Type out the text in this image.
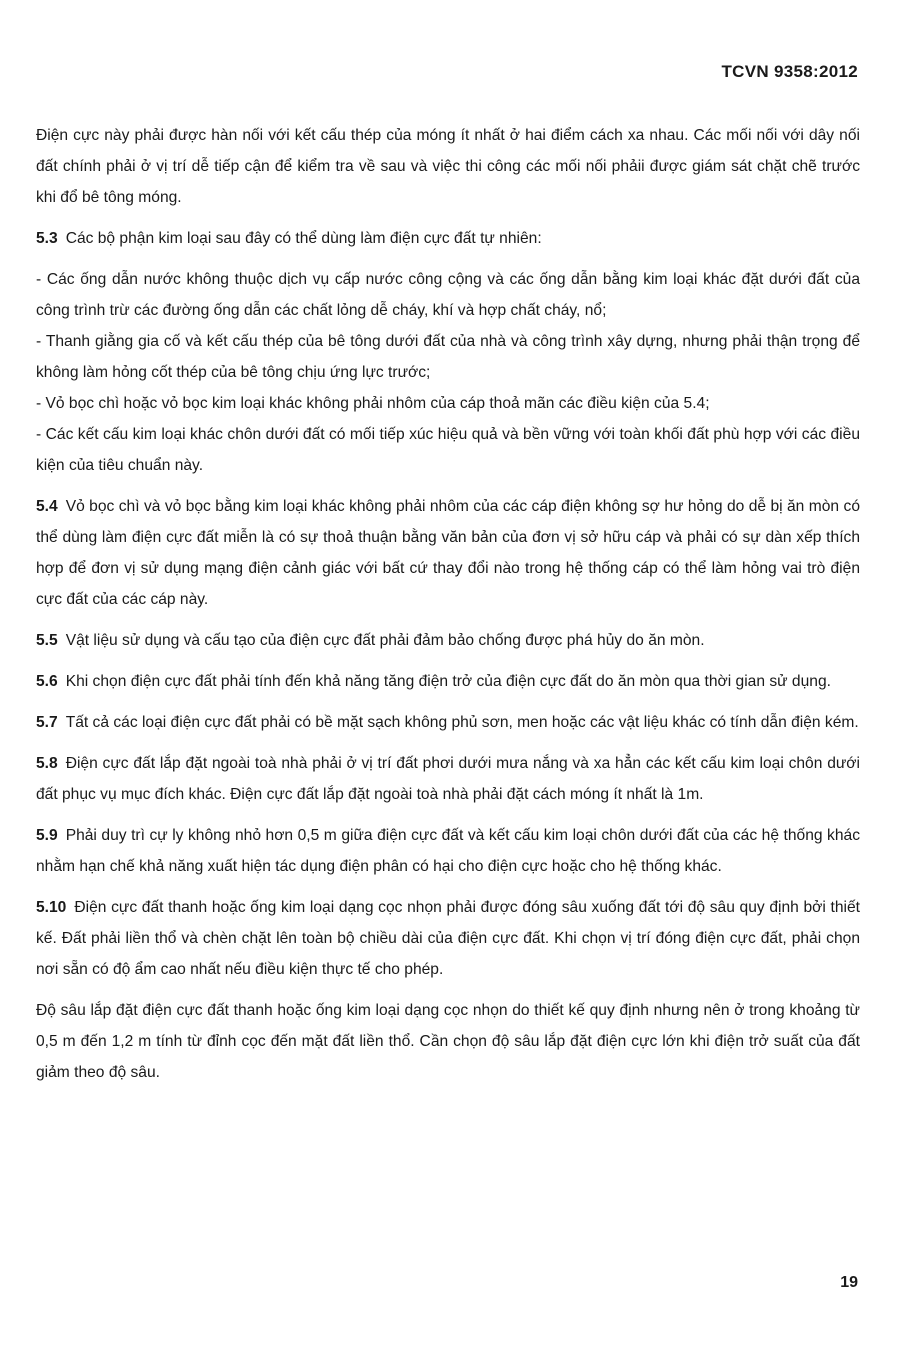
TCVN 9358:2012

Điện cực này phải được hàn nối với kết cấu thép của móng ít nhất ở hai điểm cách xa nhau. Các mối nối với dây nối đất chính phải ở vị trí dễ tiếp cận để kiểm tra về sau và việc thi công các mối nối phảii được giám sát chặt chẽ trước khi đổ bê tông móng.

5.3 Các bộ phận kim loại sau đây có thể dùng làm điện cực đất tự nhiên:

- Các ống dẫn nước không thuộc dịch vụ cấp nước công cộng và các ống dẫn bằng kim loại khác đặt dưới đất của công trình trừ các đường ống dẫn các chất lỏng dễ cháy, khí và hợp chất cháy, nổ;

- Thanh giằng gia cố và kết cấu thép của bê tông dưới đất của nhà và công trình xây dựng, nhưng phải thận trọng để không làm hỏng cốt thép của bê tông chịu ứng lực trước;

- Vỏ bọc chì hoặc vỏ bọc kim loại khác không phải nhôm của cáp thoả mãn các điều kiện của 5.4;

- Các kết cấu kim loại khác chôn dưới đất có mối tiếp xúc hiệu quả và bền vững với toàn khối đất phù hợp với các điều kiện của tiêu chuẩn này.

5.4 Vỏ bọc chì và vỏ bọc bằng kim loại khác không phải nhôm của các cáp điện không sợ hư hỏng do dễ bị ăn mòn có thể dùng làm điện cực đất miễn là có sự thoả thuận bằng văn bản của đơn vị sở hữu cáp và phải có sự dàn xếp thích hợp để đơn vị sử dụng mạng điện cảnh giác với bất cứ thay đổi nào trong hệ thống cáp có thể làm hỏng vai trò điện cực đất của các cáp này.

5.5 Vật liệu sử dụng và cấu tạo của điện cực đất phải đảm bảo chống được phá hủy do ăn mòn.

5.6 Khi chọn điện cực đất phải tính đến khả năng tăng điện trở của điện cực đất do ăn mòn qua thời gian sử dụng.

5.7 Tất cả các loại điện cực đất phải có bề mặt sạch không phủ sơn, men hoặc các vật liệu khác có tính dẫn điện kém.

5.8 Điện cực đất lắp đặt ngoài toà nhà phải ở vị trí đất phơi dưới mưa nắng và xa hẳn các kết cấu kim loại chôn dưới đất phục vụ mục đích khác. Điện cực đất lắp đặt ngoài toà nhà phải đặt cách móng ít nhất là 1m.

5.9 Phải duy trì cự ly không nhỏ hơn 0,5 m giữa điện cực đất và kết cấu kim loại chôn dưới đất của các hệ thống khác nhằm hạn chế khả năng xuất hiện tác dụng điện phân có hại cho điện cực hoặc cho hệ thống khác.

5.10 Điện cực đất thanh hoặc ống kim loại dạng cọc nhọn phải được đóng sâu xuống đất tới độ sâu quy định bởi thiết kế. Đất phải liền thổ và chèn chặt lên toàn bộ chiều dài của điện cực đất. Khi chọn vị trí đóng điện cực đất, phải chọn nơi sẵn có độ ẩm cao nhất nếu điều kiện thực tế cho phép.

Độ sâu lắp đặt điện cực đất thanh hoặc ống kim loại dạng cọc nhọn do thiết kế quy định nhưng nên ở trong khoảng từ 0,5 m đến 1,2 m tính từ đỉnh cọc đến mặt đất liền thổ. Cần chọn độ sâu lắp đặt điện cực lớn khi điện trở suất của đất giảm theo độ sâu.

19
